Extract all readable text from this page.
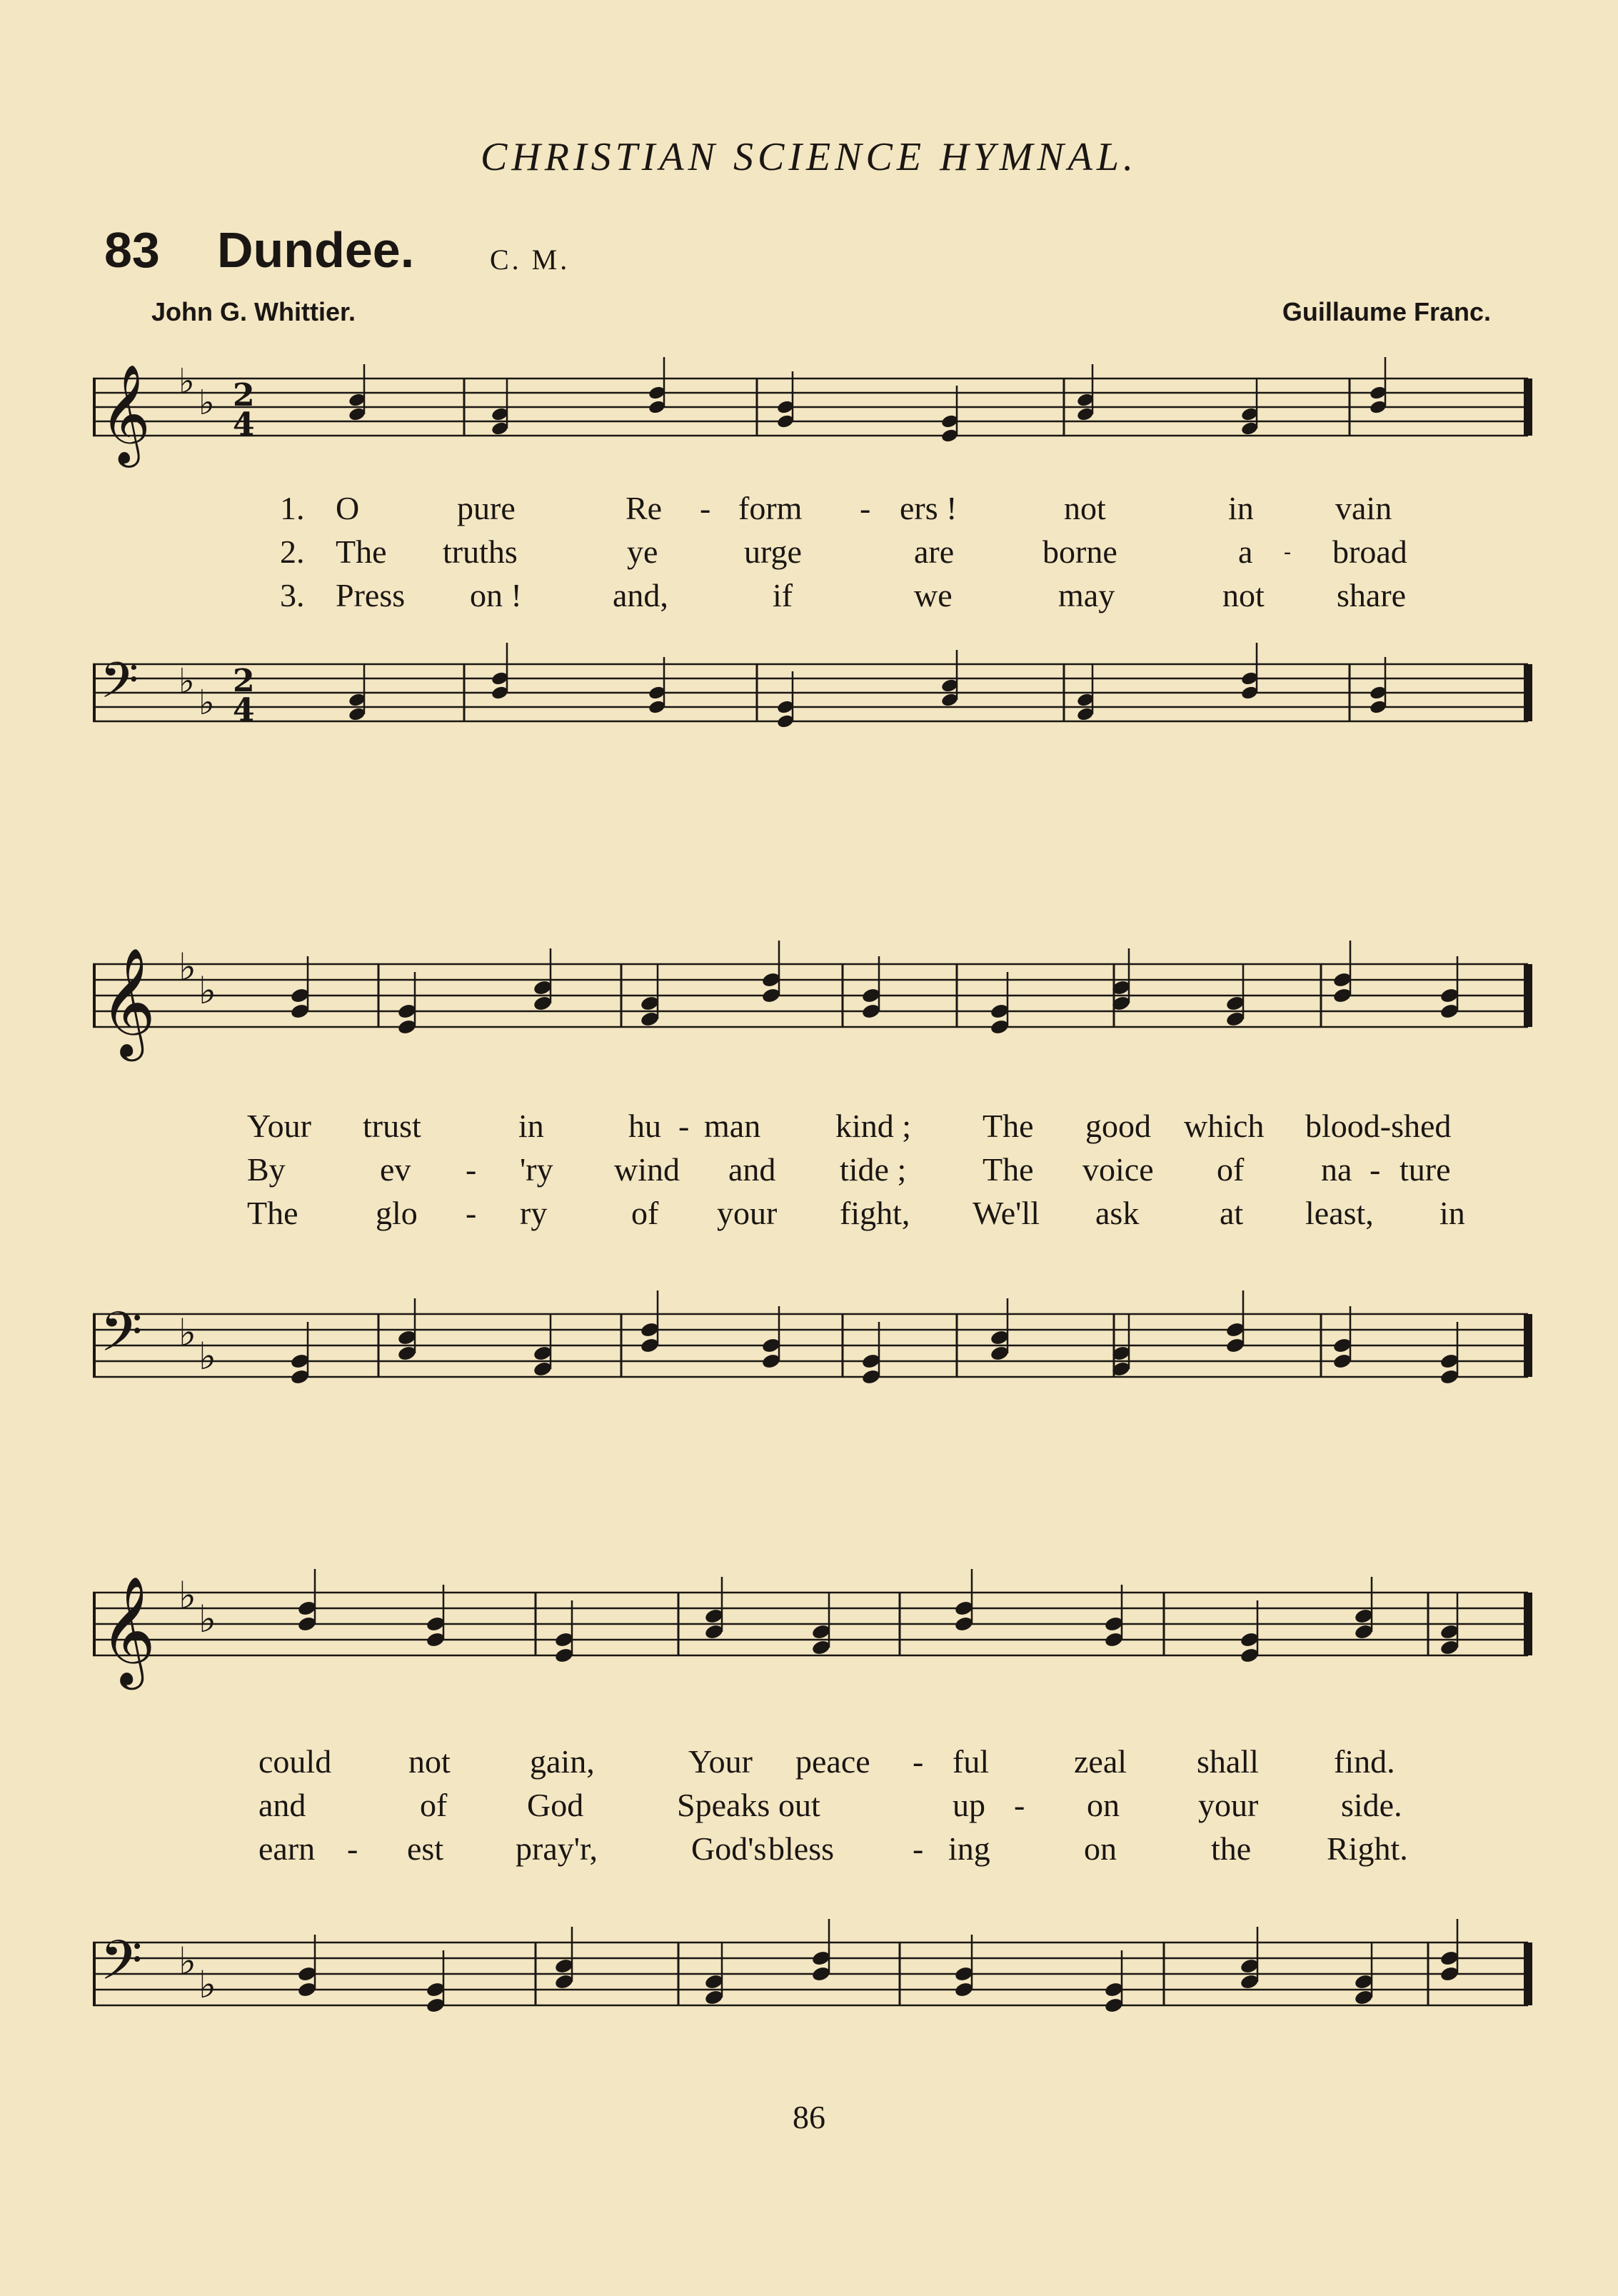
CHRISTIAN SCIENCE HYMNAL.
83 Dundee.	C. M.
John G. Whittier.	Guillaume Franc.
𝄞 ♭
♭ 2
4
1. O	pure	Re - form - ers !	not	in vain
2. The truths	ye	urge	are	borne	a - broad
3. Press on !	and,	if	we	may	not share
𝄢 ♭
♭
2
4
𝄞 ♭
♭
Your trust	in	hu - man kind ; The good which blood-shed
By	ev - 'ry wind and tide ; The voice of na - ture
The glo - ry	of your fight, We'll ask at least, in
𝄢 ♭
♭
𝄞 ♭
♭
could not gain,	Your peace - ful	zeal shall find.
and	of God	Speaks out	up - on your	side.
earn - est pray'r,	God's bless - ing	on	the Right.
𝄢 ♭
♭
86
